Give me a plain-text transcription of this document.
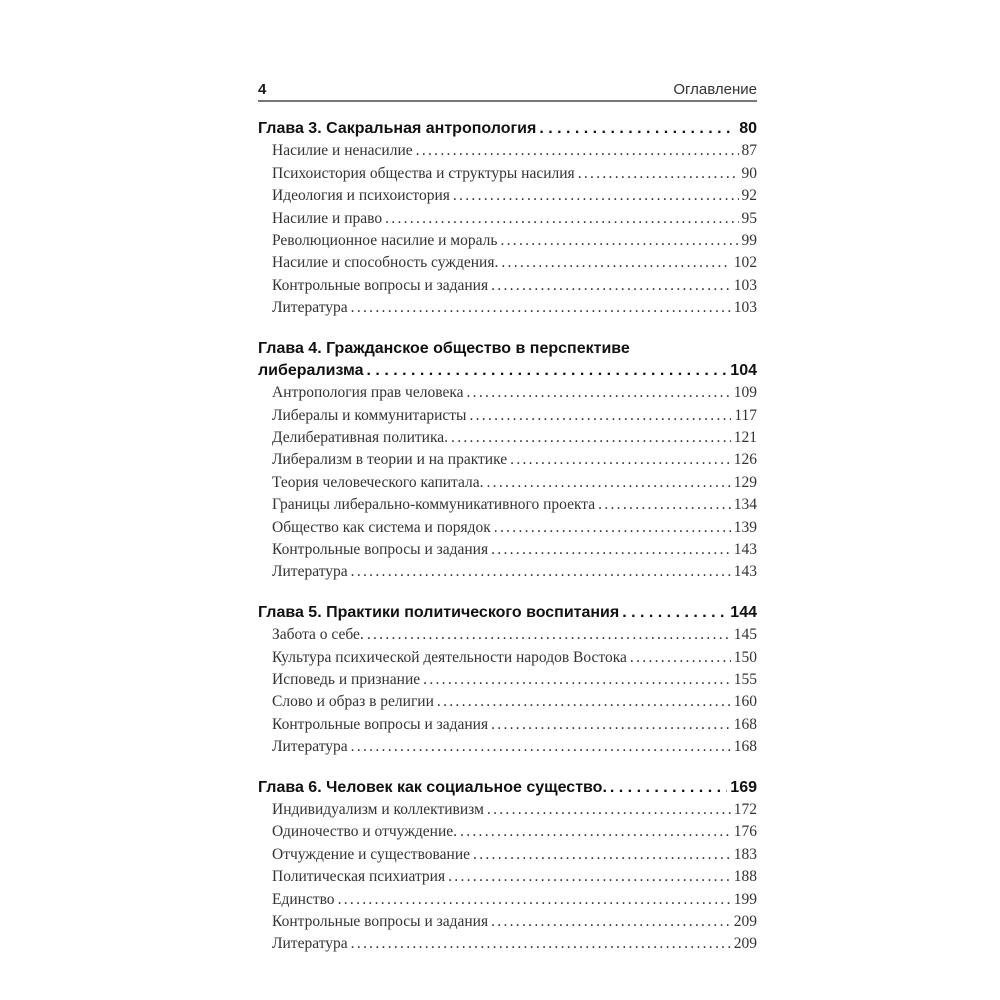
4	Оглавление
Глава 3. Сакральная антропология . . .	80
Насилие и ненасилие .....	87
Психоистория общества и структуры насилия .....	90
Идеология и психоистория .....	92
Насилие и право .....	95
Революционное насилие и мораль .....	99
Насилие и способность суждения. .....	102
Контрольные вопросы и задания .....	103
Литература .....	103
Глава 4. Гражданское общество в перспективе
либерализма . . .	104
Антропология прав человека .....	109
Либералы и коммунитаристы .....	117
Делиберативная политика. .....	121
Либерализм в теории и на практике .....	126
Теория человеческого капитала. .....	129
Границы либерально-коммуникативного проекта .....	134
Общество как система и порядок .....	139
Контрольные вопросы и задания .....	143
Литература .....	143
Глава 5. Практики политического воспитания . . .	144
Забота о себе. .....	145
Культура психической деятельности народов Востока .....	150
Исповедь и признание .....	155
Слово и образ в религии .....	160
Контрольные вопросы и задания .....	168
Литература .....	168
Глава 6. Человек как социальное существо. . . .	169
Индивидуализм и коллективизм .....	172
Одиночество и отчуждение. .....	176
Отчуждение и существование .....	183
Политическая психиатрия .....	188
Единство .....	199
Контрольные вопросы и задания .....	209
Литература .....	209
